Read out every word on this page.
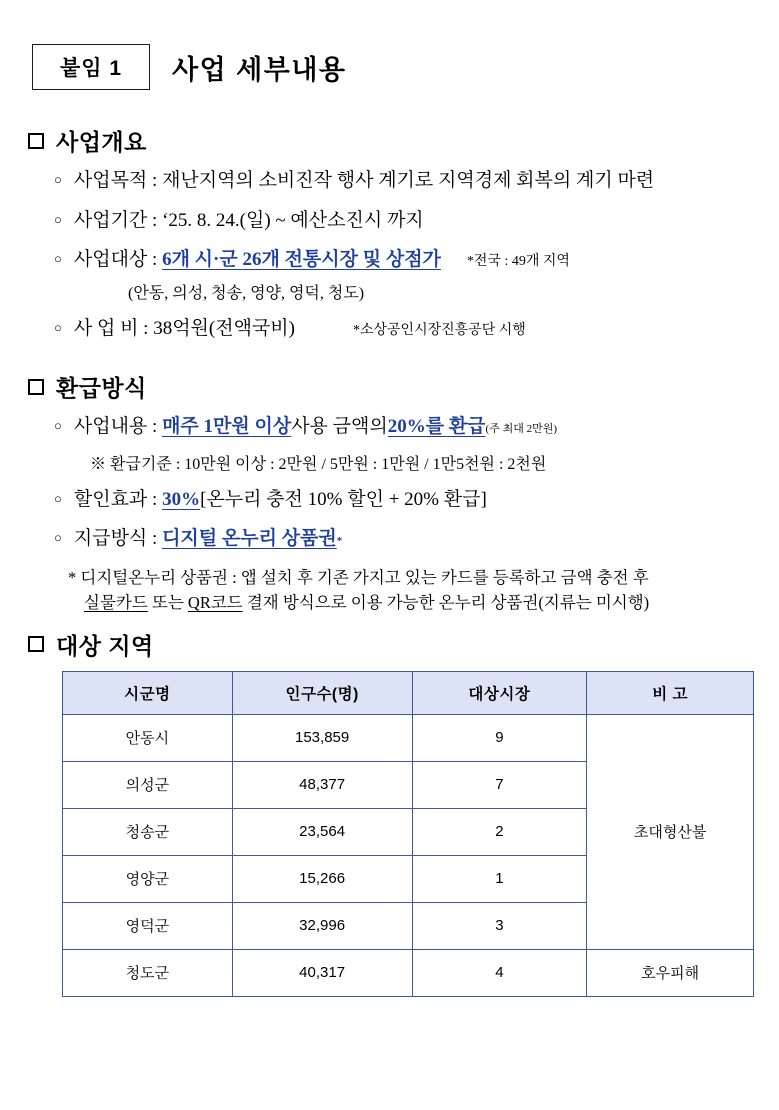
붙임 1	사업 세부내용
사업개요
○ 사업목적 : 재난지역의 소비진작 행사 계기로 지역경제 회복의 계기 마련
○ 사업기간 : ‘25. 8. 24.(일) ~ 예산소진시 까지
○ 사업대상 : 6개 시·군 26개 전통시장 및 상점가 *전국 : 49개 지역
(안동, 의성, 청송, 영양, 영덕, 청도)
○ 사 업 비 : 38억원(전액국비)	*소상공인시장진흥공단 시행
환급방식
○ 사업내용 : 매주 1만원 이상 사용 금액의 20%를 환급 (주 최대 2만원)
※ 환급기준 : 10만원 이상 : 2만원 / 5만원 : 1만원 / 1만5천원 : 2천원
○ 할인효과 : 30% [온누리 충전 10% 할인 + 20% 환급]
○ 지급방식 : 디지털 온누리 상품권 *
* 디지털온누리 상품권 : 앱 설치 후 기존 가지고 있는 카드를 등록하고 금액 충전 후
실물카드 또는 QR코드 결재 방식으로 이용 가능한 온누리 상품권(지류는 미시행)
대상 지역
시군명	인구수(명)	대상시장	비 고
안동시	153,859	9	초대형산불
의성군	48,377	7	
청송군	23,564	2	
영양군	15,266	1	
영덕군	32,996	3	
청도군	40,317	4	호우피해
